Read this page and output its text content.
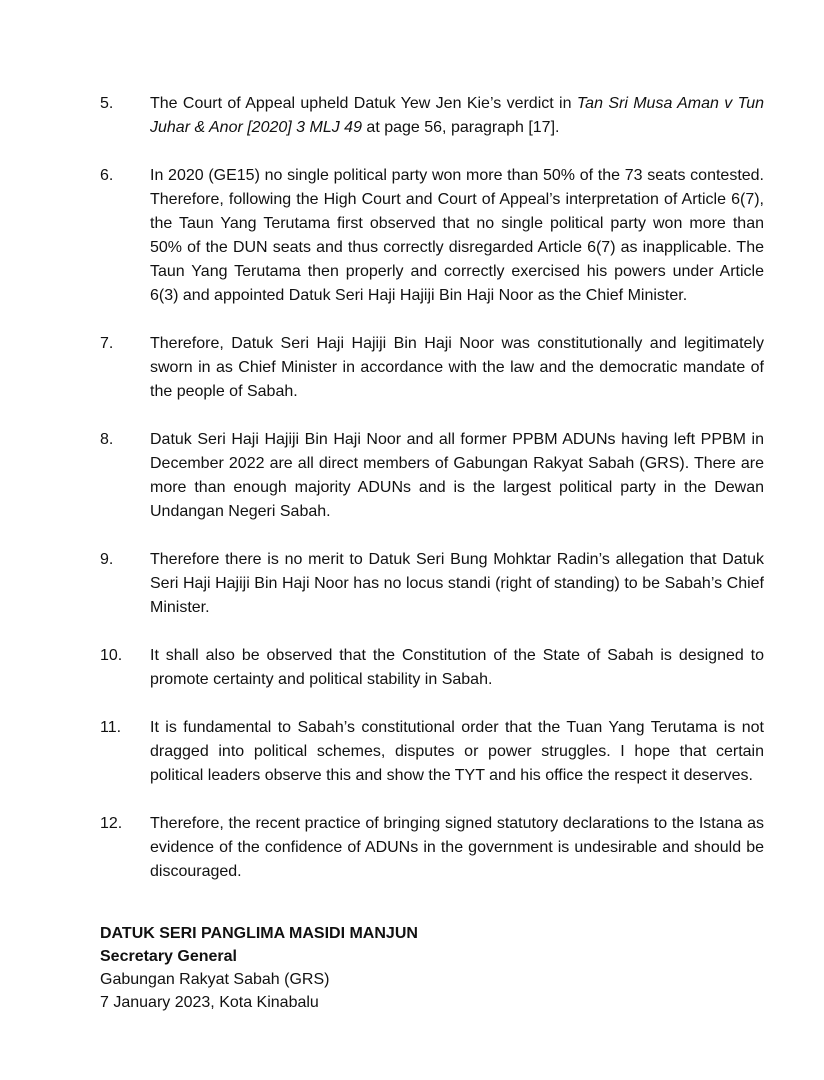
5.	The Court of Appeal upheld Datuk Yew Jen Kie’s verdict in Tan Sri Musa Aman v Tun Juhar & Anor [2020] 3 MLJ 49 at page 56, paragraph [17].
6.	In 2020 (GE15) no single political party won more than 50% of the 73 seats contested. Therefore, following the High Court and Court of Appeal’s interpretation of Article 6(7), the Taun Yang Terutama first observed that no single political party won more than 50% of the DUN seats and thus correctly disregarded Article 6(7) as inapplicable. The Taun Yang Terutama then properly and correctly exercised his powers under Article 6(3) and appointed Datuk Seri Haji Hajiji Bin Haji Noor as the Chief Minister.
7.	Therefore, Datuk Seri Haji Hajiji Bin Haji Noor was constitutionally and legitimately sworn in as Chief Minister in accordance with the law and the democratic mandate of the people of Sabah.
8.	Datuk Seri Haji Hajiji Bin Haji Noor and all former PPBM ADUNs having left PPBM in December 2022 are all direct members of Gabungan Rakyat Sabah (GRS). There are more than enough majority ADUNs and is the largest political party in the Dewan Undangan Negeri Sabah.
9.	Therefore there is no merit to Datuk Seri Bung Mohktar Radin’s allegation that Datuk Seri Haji Hajiji Bin Haji Noor has no locus standi (right of standing) to be Sabah’s Chief Minister.
10.	It shall also be observed that the Constitution of the State of Sabah is designed to promote certainty and political stability in Sabah.
11.	It is fundamental to Sabah’s constitutional order that the Tuan Yang Terutama is not dragged into political schemes, disputes or power struggles. I hope that certain political leaders observe this and show the TYT and his office the respect it deserves.
12.	Therefore, the recent practice of bringing signed statutory declarations to the Istana as evidence of the confidence of ADUNs in the government is undesirable and should be discouraged.
DATUK SERI PANGLIMA MASIDI MANJUN
Secretary General
Gabungan Rakyat Sabah (GRS)
7 January 2023, Kota Kinabalu
